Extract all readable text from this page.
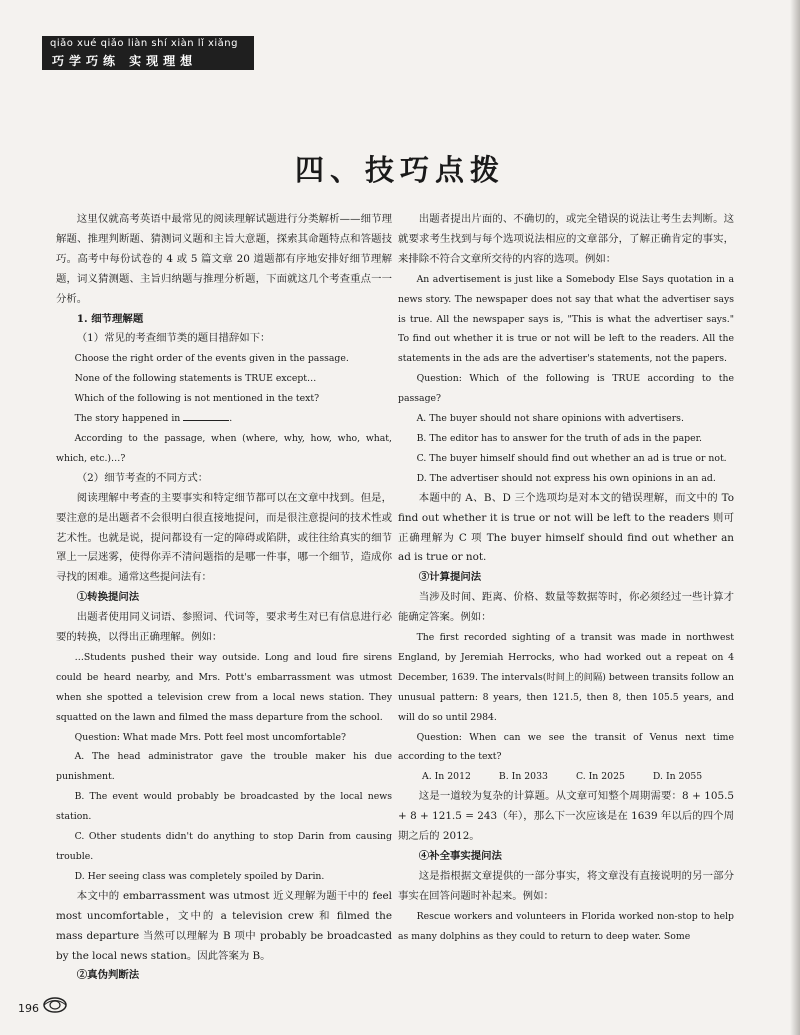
qiǎo xué qiǎo liàn shí xiàn lǐ xiǎng
巧学巧练 实现理想
四、技巧点拨

这里仅就高考英语中最常见的阅读理解试题进行分类解析——细节理解题、推理判断题、猜测词义题和主旨大意题，探索其命题特点和答题技巧。高考中每份试卷的 4 或 5 篇文章 20 道题都有序地安排好细节理解题，词义猜测题、主旨归纳题与推理分析题，下面就这几个考查重点一一分析。

1. 细节理解题

（1）常见的考查细节类的题目措辞如下：

Choose the right order of the events given in the passage.

None of the following statements is TRUE except…

Which of the following is not mentioned in the text?

The story happened in	.

According to the passage, when (where, why, how, who, what, which, etc.)…?

（2）细节考查的不同方式：

阅读理解中考查的主要事实和特定细节都可以在文章中找到。但是，要注意的是出题者不会很明白很直接地提问，而是很注意提问的技术性或艺术性。也就是说，提问都设有一定的障碍或陷阱，或往往给真实的细节罩上一层迷雾，使得你弄不清问题指的是哪一件事，哪一个细节，造成你寻找的困难。通常这些提问法有：

①转换提问法

出题者使用同义词语、参照词、代词等，要求考生对已有信息进行必要的转换，以得出正确理解。例如：

…Students pushed their way outside. Long and loud fire sirens could be heard nearby, and Mrs. Pott's embarrassment was utmost when she spotted a television crew from a local news station. They squatted on the lawn and filmed the mass departure from the school.

Question: What made Mrs. Pott feel most uncomfortable?

A. The head administrator gave the trouble maker his due punishment.

B. The event would probably be broadcasted by the local news station.

C. Other students didn't do anything to stop Darin from causing trouble.

D. Her seeing class was completely spoiled by Darin.

本文中的 embarrassment was utmost 近义理解为题干中的 feel most uncomfortable，文中的 a television crew 和 filmed the mass departure 当然可以理解为 B 项中 probably be broadcasted by the local news station。因此答案为 B。

②真伪判断法

出题者提出片面的、不确切的，或完全错误的说法让考生去判断。这就要求考生找到与每个选项说法相应的文章部分，了解正确肯定的事实，来排除不符合文章所交待的内容的选项。例如：

An advertisement is just like a Somebody Else Says quotation in a news story. The newspaper does not say that what the advertiser says is true. All the newspaper says is, "This is what the advertiser says." To find out whether it is true or not will be left to the readers. All the statements in the ads are the advertiser's statements, not the papers.

Question: Which of the following is TRUE according to the passage?

A. The buyer should not share opinions with advertisers.

B. The editor has to answer for the truth of ads in the paper.

C. The buyer himself should find out whether an ad is true or not.

D. The advertiser should not express his own opinions in an ad.

本题中的 A、B、D 三个选项均是对本文的错误理解，而文中的 To find out whether it is true or not will be left to the readers 则可正确理解为 C 项 The buyer himself should find out whether an ad is true or not.

③计算提问法

当涉及时间、距离、价格、数量等数据等时，你必须经过一些计算才能确定答案。例如：

The first recorded sighting of a transit was made in northwest England, by Jeremiah Herrocks, who had worked out a repeat on 4 December, 1639. The intervals(时间上的间隔) between transits follow an unusual pattern: 8 years, then 121.5, then 8, then 105.5 years, and will do so until 2984.

Question: When can we see the transit of Venus next time according to the text?

A. In 2012	B. In 2033	C. In 2025	D. In 2055

这是一道较为复杂的计算题。从文章可知整个周期需要：8 + 105.5 + 8 + 121.5 = 243（年），那么下一次应该是在 1639 年以后的四个周期之后的 2012。

④补全事实提问法

这是指根据文章提供的一部分事实，将文章没有直接说明的另一部分事实在回答问题时补起来。例如：

Rescue workers and volunteers in Florida worked non-stop to help as many dolphins as they could to return to deep water. Some

196
